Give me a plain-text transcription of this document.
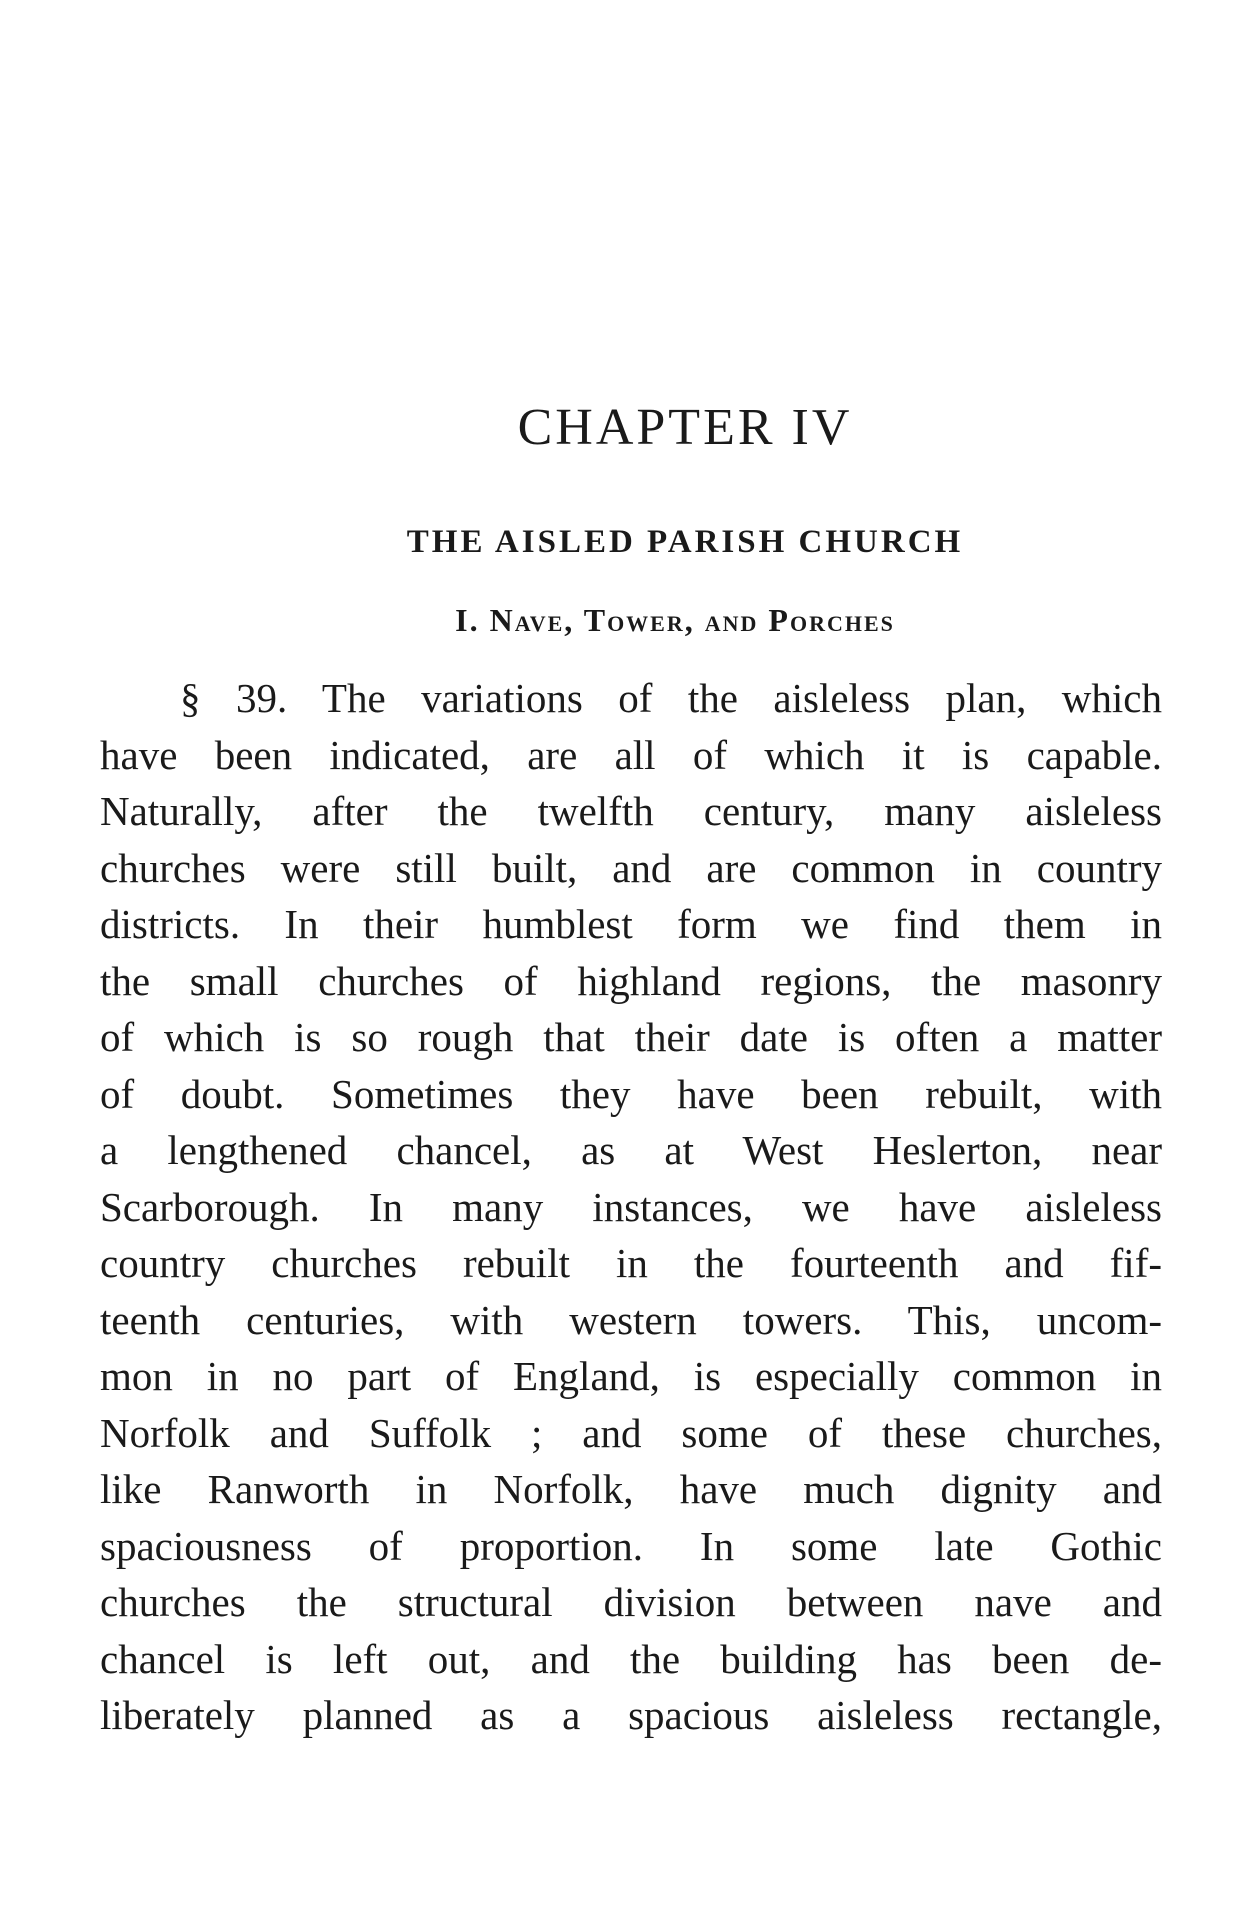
CHAPTER IV
THE AISLED PARISH CHURCH
I. Nave, Tower, and Porches
§ 39. The variations of the aisleless plan, which
have been indicated, are all of which it is capable.
Naturally, after the twelfth century, many aisleless
churches were still built, and are common in country
districts. In their humblest form we find them in
the small churches of highland regions, the masonry
of which is so rough that their date is often a matter
of doubt. Sometimes they have been rebuilt, with
a lengthened chancel, as at West Heslerton, near
Scarborough. In many instances, we have aisleless
country churches rebuilt in the fourteenth and fif-
teenth centuries, with western towers. This, uncom-
mon in no part of England, is especially common in
Norfolk and Suffolk ; and some of these churches,
like Ranworth in Norfolk, have much dignity and
spaciousness of proportion. In some late Gothic
churches the structural division between nave and
chancel is left out, and the building has been de-
liberately planned as a spacious aisleless rectangle,
